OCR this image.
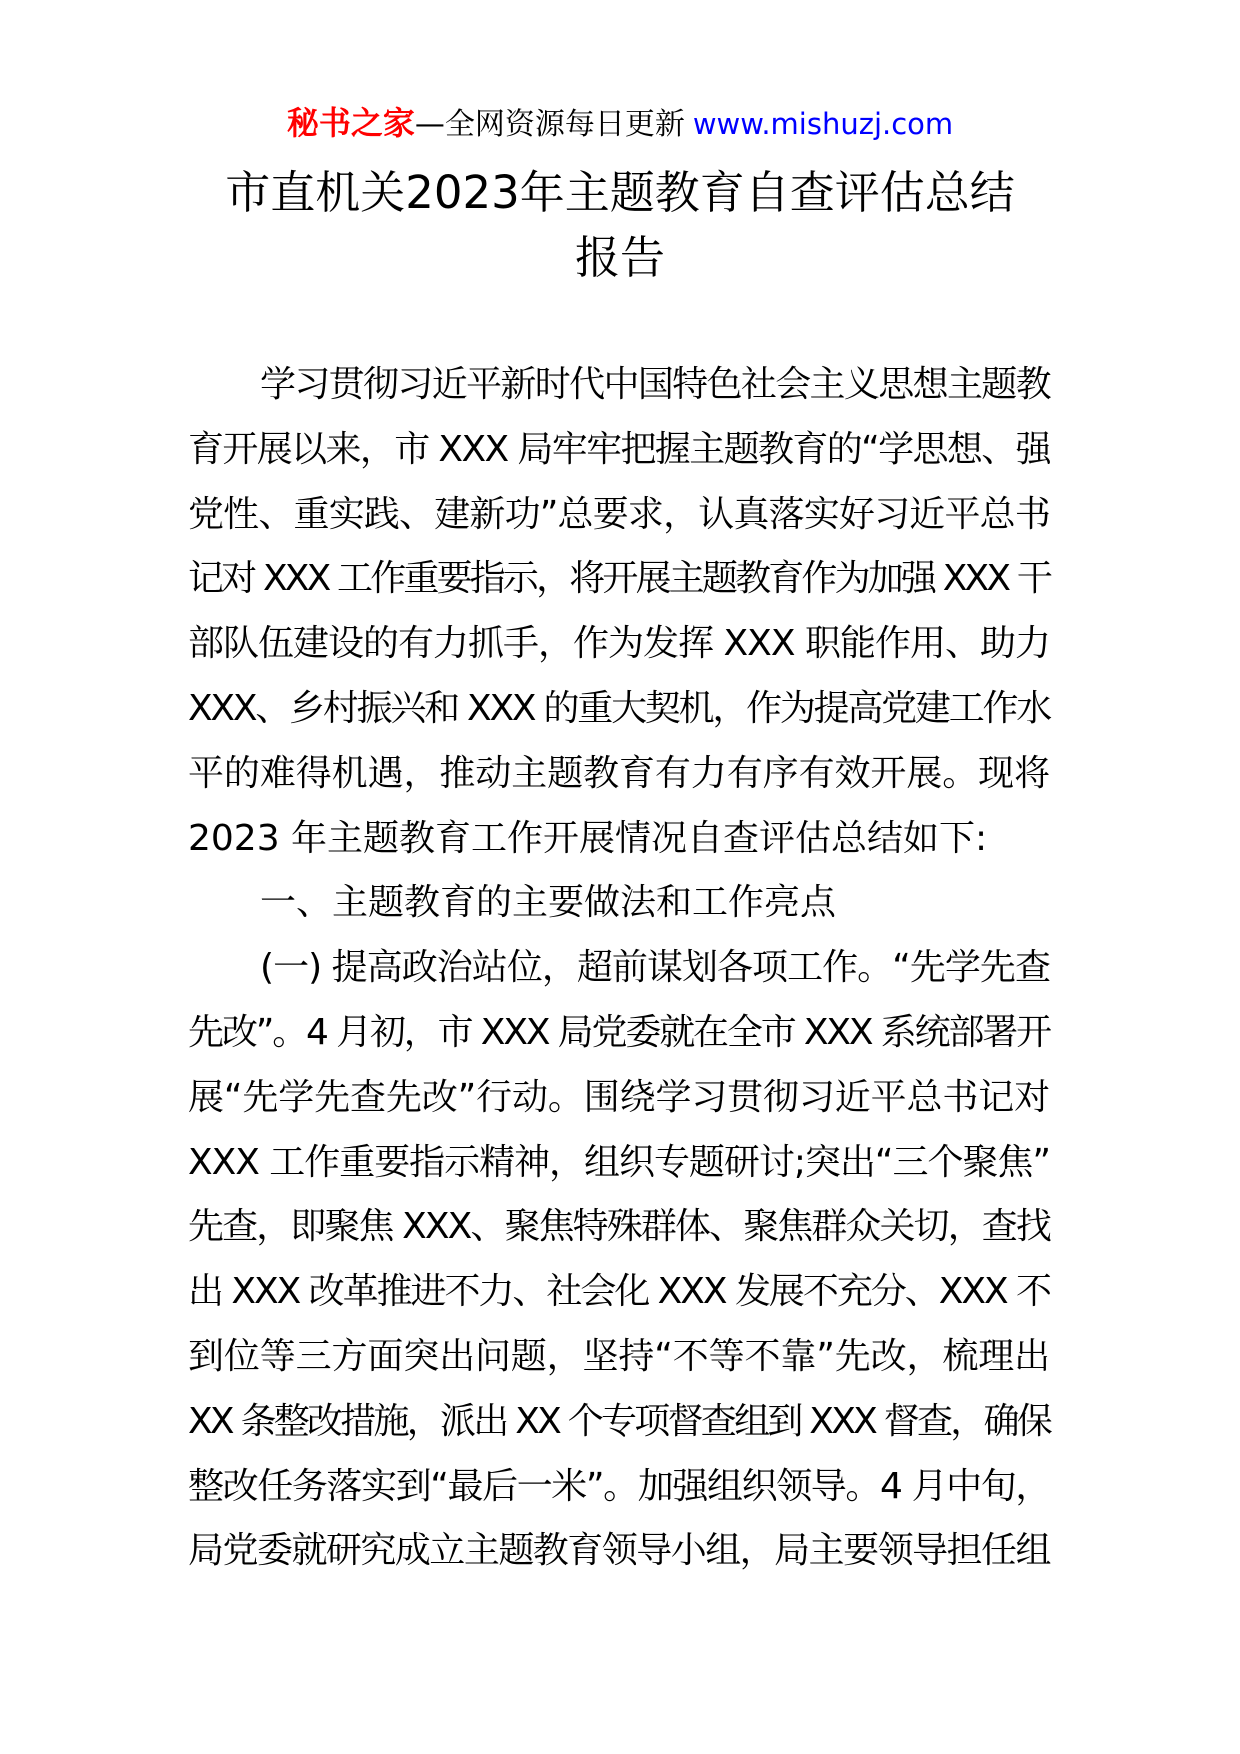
秘书之家—全网资源每日更新 www.mishuzj.com
市直机关2023年主题教育自查评估总结
报告
学习贯彻习近平新时代中国特色社会主义思想主题教
育开展以来，市 XXX 局牢牢把握主题教育的“学思想、强
党性、重实践、建新功”总要求，认真落实好习近平总书
记对 XXX 工作重要指示，将开展主题教育作为加强 XXX 干
部队伍建设的有力抓手，作为发挥 XXX 职能作用、助力
XXX、乡村振兴和 XXX 的重大契机，作为提高党建工作水
平的难得机遇，推动主题教育有力有序有效开展。现将
2023 年主题教育工作开展情况自查评估总结如下:
一、主题教育的主要做法和工作亮点
(一) 提高政治站位，超前谋划各项工作。“先学先查
先改”。4 月初，市 XXX 局党委就在全市 XXX 系统部署开
展“先学先查先改”行动。围绕学习贯彻习近平总书记对
XXX 工作重要指示精神，组织专题研讨;突出“三个聚焦”
先查，即聚焦 XXX、聚焦特殊群体、聚焦群众关切，查找
出 XXX 改革推进不力、社会化 XXX 发展不充分、XXX 不
到位等三方面突出问题，坚持“不等不靠”先改，梳理出
XX 条整改措施，派出 XX 个专项督查组到 XXX 督查，确保
整改任务落实到“最后一米”。加强组织领导。4 月中旬，
局党委就研究成立主题教育领导小组，局主要领导担任组
